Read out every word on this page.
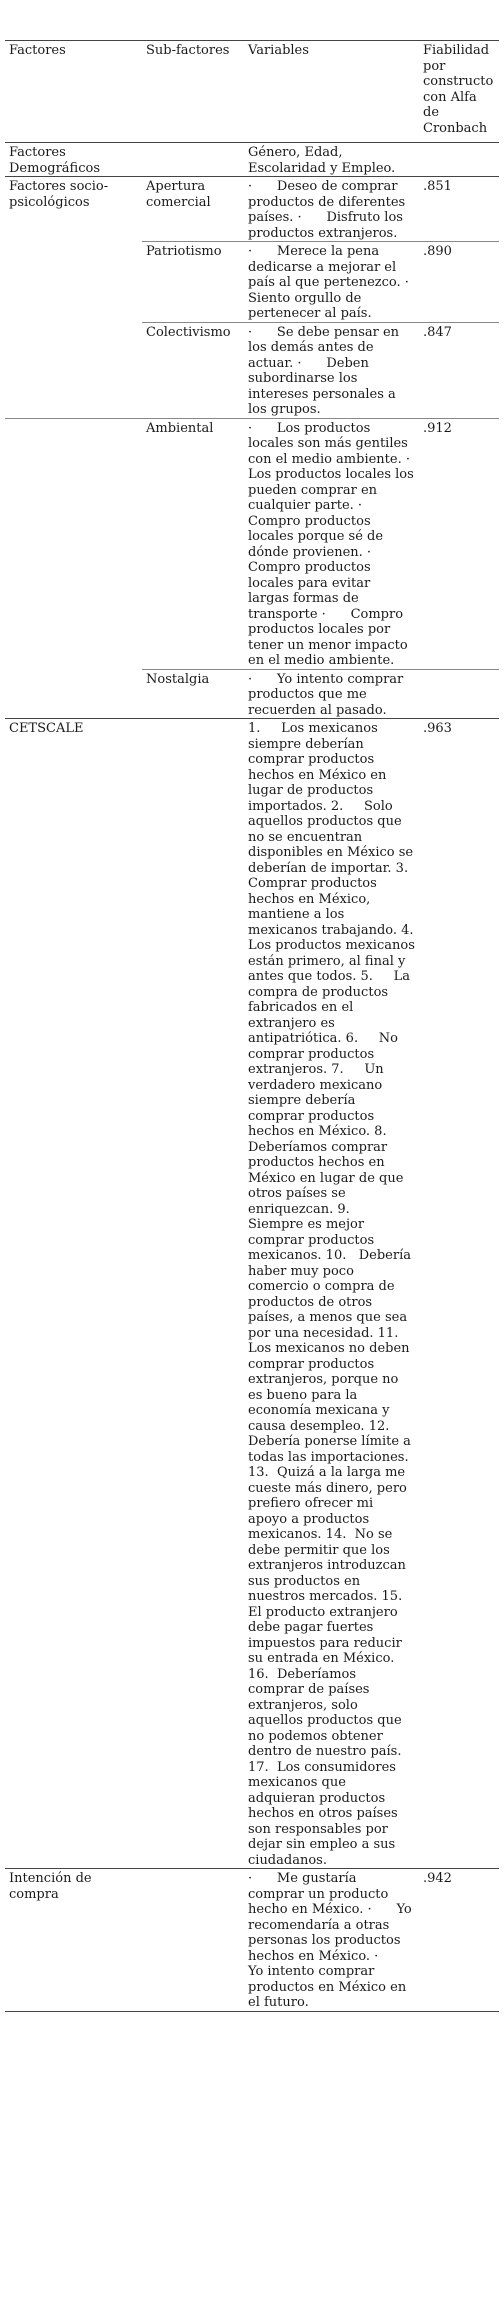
Factores	Sub-factores	Variables	Fiabilidad por constructo con Alfa de Cronbach
Factores Demográficos		Género, Edad, Escolaridad y Empleo.	
Factores socio-psicológicos	Apertura comercial	·      Deseo de comprar productos de diferentes países. ·      Disfruto los productos extranjeros.	.851
	Patriotismo	·      Merece la pena dedicarse a mejorar el país al que pertenezco. ·      Siento orgullo de pertenecer al país.	.890
	Colectivismo	·      Se debe pensar en los demás antes de actuar. ·      Deben subordinarse los intereses personales a los grupos.	.847
	Ambiental	·      Los productos locales son más gentiles con el medio ambiente. ·      Los productos locales los pueden comprar en cualquier parte. ·      Compro productos locales porque sé de dónde provienen. ·      Compro productos locales para evitar largas formas de transporte ·      Compro productos locales por tener un menor impacto en el medio ambiente.	.912
	Nostalgia	·      Yo intento comprar productos que me recuerden al pasado.	
CETSCALE		1.     Los mexicanos siempre deberían comprar productos hechos en México en lugar de productos importados. 2.     Solo aquellos productos que no se encuentran disponibles en México se deberían de importar. 3.     Comprar productos hechos en México, mantiene a los mexicanos trabajando. 4.     Los productos mexicanos están primero, al final y antes que todos. 5.     La compra de productos fabricados en el extranjero es antipatriótica. 6.     No comprar productos extranjeros. 7.     Un verdadero mexicano siempre debería comprar productos hechos en México. 8.     Deberíamos comprar productos hechos en México en lugar de que otros países se enriquezcan. 9.     Siempre es mejor comprar productos mexicanos. 10.   Debería haber muy poco comercio o compra de productos de otros países, a menos que sea por una necesidad. 11.  Los mexicanos no deben comprar productos extranjeros, porque no es bueno para la economía mexicana y causa desempleo. 12.  Debería ponerse límite a todas las importaciones. 13.  Quizá a la larga me cueste más dinero, pero prefiero ofrecer mi apoyo a productos mexicanos. 14.  No se debe permitir que los extranjeros introduzcan sus productos en nuestros mercados. 15.  El producto extranjero debe pagar fuertes impuestos para reducir su entrada en México. 16.  Deberíamos comprar de países extranjeros, solo aquellos productos que no podemos obtener dentro de nuestro país. 17.  Los consumidores mexicanos que adquieran productos hechos en otros países son responsables por dejar sin empleo a sus ciudadanos.	.963
Intención de compra		·      Me gustaría comprar un producto hecho en México. ·      Yo recomendaría a otras personas los productos hechos en México. ·      Yo intento comprar productos en México en el futuro.	.942
